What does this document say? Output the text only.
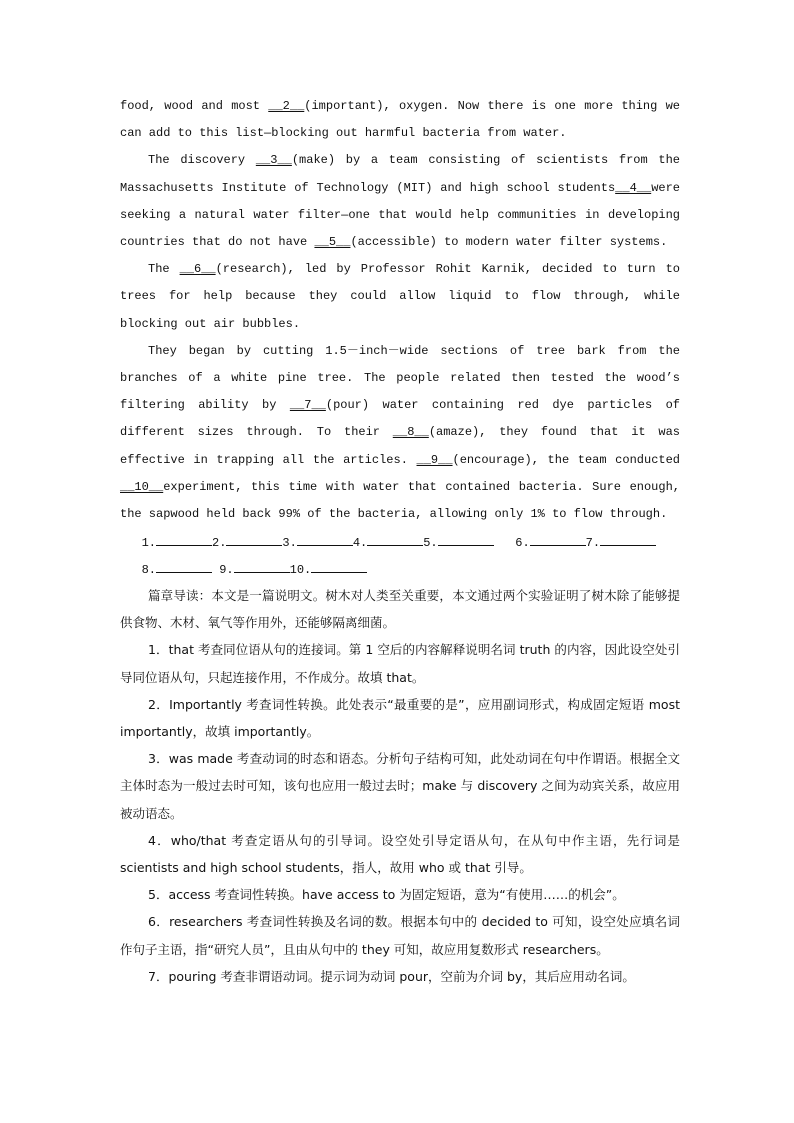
food, wood and most __2__(important), oxygen. Now there is one more thing we can add to this list—blocking out harmful bacteria from water.

The discovery __3__(make) by a team consisting of scientists from the Massachusetts Institute of Technology (MIT) and high school students__4__were seeking a natural water filter—one that would help communities in developing countries that do not have __5__(accessible) to modern water filter systems.

The __6__(research), led by Professor Rohit Karnik, decided to turn to trees for help because they could allow liquid to flow through, while blocking out air bubbles.

They began by cutting 1.5－inch－wide sections of tree bark from the branches of a white pine tree. The people related then tested the wood’s filtering ability by __7__(pour) water containing red dye particles of different sizes through. To their __8__(amaze), they found that it was effective in trapping all the articles. __9__(encourage), the team conducted __10__experiment, this time with water that contained bacteria. Sure enough, the sapwood held back 99% of the bacteria, allowing only 1% to flow through.

1.	2.	3.	4.	5.	6.	7.
8.	9.	10.

篇章导读：本文是一篇说明文。树木对人类至关重要，本文通过两个实验证明了树木除了能够提供食物、木材、氧气等作用外，还能够隔离细菌。

1．that 考查同位语从句的连接词。第 1 空后的内容解释说明名词 truth 的内容，因此设空处引导同位语从句，只起连接作用，不作成分。故填 that。

2．Importantly 考查词性转换。此处表示“最重要的是”，应用副词形式，构成固定短语 most importantly，故填 importantly。

3．was made 考查动词的时态和语态。分析句子结构可知，此处动词在句中作谓语。根据全文主体时态为一般过去时可知，该句也应用一般过去时；make 与 discovery 之间为动宾关系，故应用被动语态。

4．who/that 考查定语从句的引导词。设空处引导定语从句，在从句中作主语，先行词是 scientists and high school students，指人，故用 who 或 that 引导。

5．access 考查词性转换。have access to 为固定短语，意为“有使用……的机会”。

6．researchers 考查词性转换及名词的数。根据本句中的 decided to 可知，设空处应填名词作句子主语，指“研究人员”，且由从句中的 they 可知，故应用复数形式 researchers。

7．pouring 考查非谓语动词。提示词为动词 pour，空前为介词 by，其后应用动名词。
